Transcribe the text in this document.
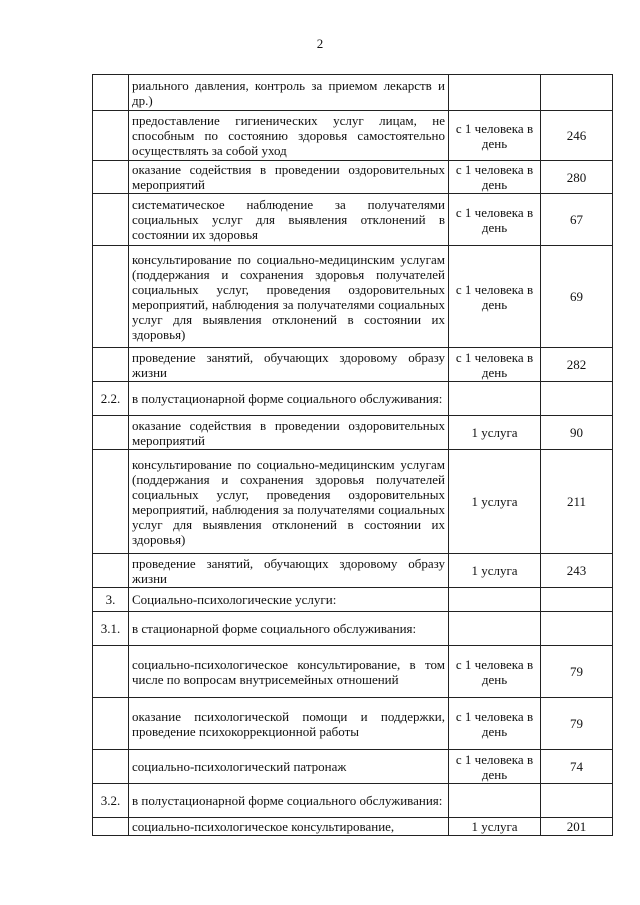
2
	риального давления, контроль за приемом лекарств и др.)		
	предоставление гигиенических услуг лицам, не способным по состоянию здоровья самостоятельно осуществлять за собой уход	с 1 человека в день	246
	оказание содействия в проведении оздоровительных мероприятий	с 1 человека в день	280
	систематическое наблюдение за получателями социальных услуг для выявления отклонений в состоянии их здоровья	с 1 человека в день	67
	консультирование по социально-медицинским услугам (поддержания и сохранения здоровья получателей социальных услуг, проведения оздоровительных мероприятий, наблюдения за получателями социальных услуг для выявления отклонений в состоянии их здоровья)	с 1 человека в день	69
	проведение занятий, обучающих здоровому образу жизни	с 1 человека в день	282
2.2.	в полустационарной форме социального обслуживания:		
	оказание содействия в проведении оздоровительных мероприятий	1 услуга	90
	консультирование по социально-медицинским услугам (поддержания и сохранения здоровья получателей социальных услуг, проведения оздоровительных мероприятий, наблюдения за получателями социальных услуг для выявления отклонений в состоянии их здоровья)	1 услуга	211
	проведение занятий, обучающих здоровому образу жизни	1 услуга	243
3.	Социально-психологические услуги:		
3.1.	в стационарной форме социального обслуживания:		
	социально-психологическое консультирование, в том числе по вопросам внутрисемейных отношений	с 1 человека в день	79
	оказание психологической помощи и поддержки, проведение психокоррекционной работы	с 1 человека в день	79
	социально-психологический патронаж	с 1 человека в день	74
3.2.	в полустационарной форме социального обслуживания:		
	социально-психологическое консультирование,	1 услуга	201
